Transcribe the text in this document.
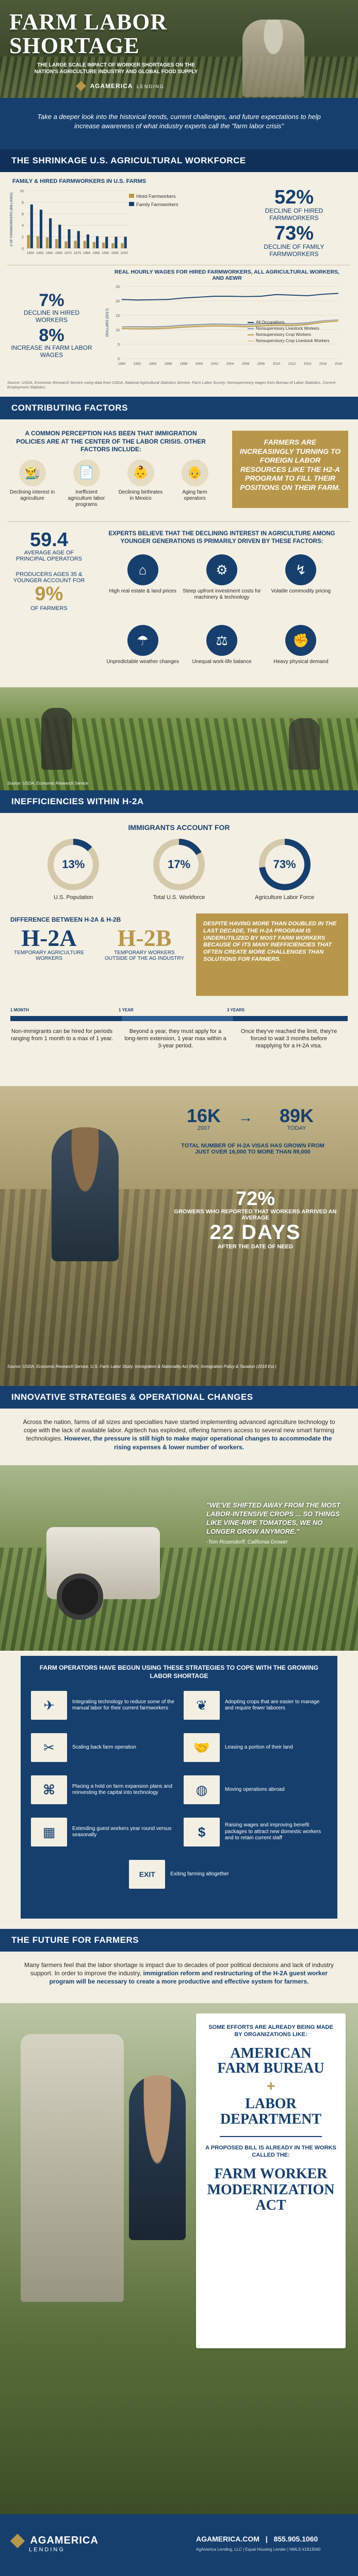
FARM LABOR
SHORTAGE
THE LARGE SCALE IMPACT OF WORKER SHORTAGES ON THE NATION'S AGRICULTURE INDUSTRY AND GLOBAL FOOD SUPPLY
AGAMERICA LENDING
Take a deeper look into the historical trends, current challenges, and future expectations to help increase awareness of what industry experts call the "farm labor crisis"
THE SHRINKAGE U.S. AGRICULTURAL WORKFORCE
FAMILY & HIRED FARMWORKERS IN U.S. FARMS
0
2
4
6
8
10
# OF FARMWORKERS (MILLIONS)
1950 1955 1960 1965 1970 1975 1980 1985 1990 1995 2000
Hired Farmworkers
Family Farmworkers	52%
DECLINE OF HIRED FARMWORKERS
73%
DECLINE OF FAMILY FARMWORKERS
7%
DECLINE IN HIRED WORKERS
8%
INCREASE IN FARM LABOR WAGES
REAL HOURLY WAGES FOR HIRED FARMWORKERS, ALL AGRICULTURAL WORKERS, AND AEWR
0
5
10
15
20
25
DOLLARS (2017)
1990 1992 1994 1996 1998 2000 2002 2004 2006 2008 2010 2012 2014 2016 2018
All Occupations
Nonsupervisory Livestock Workers
Nonsupervisory Crop Workers
Nonsupervisory Crop Livestock Workers
Source: USDA, Economic Research Service using data from USDA, National Agricultural Statistics Service, Farm Labor Survey. Nonsupervisory wages from Bureau of Labor Statistics, Current Employment Statistics
CONTRIBUTING FACTORS
A COMMON PERCEPTION HAS BEEN THAT IMMIGRATION POLICIES ARE AT THE CENTER OF THE LABOR CRISIS. OTHER FACTORS INCLUDE:
👨‍🌾
Declining interest in agriculture
📄
Inefficient agriculture labor programs
👶
Declining birthrates in Mexico
👴
Aging farm operators
FARMERS ARE INCREASINGLY TURNING TO FOREIGN LABOR RESOURCES LIKE THE H2-A PROGRAM TO FILL THEIR POSITIONS ON THEIR FARM.
59.4
AVERAGE AGE OF PRINCIPAL OPERATORS
PRODUCERS AGES 35 & YOUNGER ACCOUNT FOR
9%
OF FARMERS
EXPERTS BELIEVE THAT THE DECLINING INTEREST IN AGRICULTURE AMONG YOUNGER GENERATIONS IS PRIMARILY DRIVEN BY THESE FACTORS:
⌂
High real estate & land prices
⚙
Steep upfront investment costs for machinery & technology
↯
Volatile commodity pricing
☂
Unpredictable weather changes
⚖
Unequal work-life balance
✊
Heavy physical demand
Source: USDA, Economic Research Service
INEFFICIENCIES WITHIN H-2A
IMMIGRANTS ACCOUNT FOR
13%
U.S. Population
17%
Total U.S. Workforce
73%
Agriculture Labor Force
DIFFERENCE BETWEEN H-2A & H-2B
H-2A
TEMPORARY AGRICULTURE WORKERS
H-2B
TEMPORARY WORKERS OUTSIDE OF THE AG INDUSTRY
DESPITE HAVING MORE THAN DOUBLED IN THE LAST DECADE, THE H-2A PROGRAM IS UNDERUTILIZED BY MOST FARM WORKERS BECAUSE OF ITS MANY INEFFICIENCIES THAT OFTEN CREATE MORE CHALLENGES THAN SOLUTIONS FOR FARMERS.
1 MONTH	1 YEAR	3 YEARS
Non-immigrants can be hired for periods ranging from 1 month to a max of 1 year.
Beyond a year, they must apply for a long-term extension, 1 year max within a 3-year period.
Once they've reached the limit, they're forced to wait 3 months before reapplying for a H-2A visa.
16K
2007
→	89K
TODAY
TOTAL NUMBER OF H-2A VISAS HAS GROWN FROM JUST OVER 16,000 TO MORE THAN 89,000
72%
GROWERS WHO REPORTED THAT WORKERS ARRIVED AN AVERAGE
22 DAYS
AFTER THE DATE OF NEED
Source: USDA, Economic Research Service, U.S. Farm Labor Study; Immigration & Nationality Act (INA), Immigration Policy & Taxation (2018 Est.)
INNOVATIVE STRATEGIES & OPERATIONAL CHANGES
Across the nation, farms of all sizes and specialties have started implementing advanced agriculture technology to cope with the lack of available labor. Agritech has exploded, offering farmers access to several new smart farming technologies. However, the pressure is still high to make major operational changes to accommodate the rising expenses & lower number of workers.
"WE'VE SHIFTED AWAY FROM THE MOST LABOR-INTENSIVE CROPS ... SO THINGS LIKE VINE-RIPE TOMATOES, WE NO LONGER GROW ANYMORE."
-Tom Rosendorff, California Grower
FARM OPERATORS HAVE BEGUN USING THESE STRATEGIES TO COPE WITH THE GROWING LABOR SHORTAGE
✈	Integrating technology to reduce some of the manual labor for their current farmworkers	❦	Adopting crops that are easier to manage and require fewer laborers
✂	Scaling back farm operation	🤝	Leasing a portion of their land
⌘	Placing a hold on farm expansion plans and reinvesting the capital into technology	◍	Moving operations abroad
▦	Extending guest workers year round versus seasonally	$	Raising wages and improving benefit packages to attract new domestic workers and to retain current staff
EXIT	Exiting farming altogether
THE FUTURE FOR FARMERS
Many farmers feel that the labor shortage is impact due to decades of poor political decisions and lack of industry support. In order to improve the industry, immigration reform and restructuring of the H-2A guest worker program will be necessary to create a more productive and effective system for farmers.
SOME EFFORTS ARE ALREADY BEING MADE BY ORGANIZATIONS LIKE:
AMERICAN
FARM BUREAU
+
LABOR
DEPARTMENT
A PROPOSED BILL IS ALREADY IN THE WORKS CALLED THE:
FARM WORKER
MODERNIZATION
ACT
AGAMERICA
LENDING
AGAMERICA.COM | 855.905.1060
AgAmerica Lending, LLC | Equal Housing Lender | NMLS #1813040
